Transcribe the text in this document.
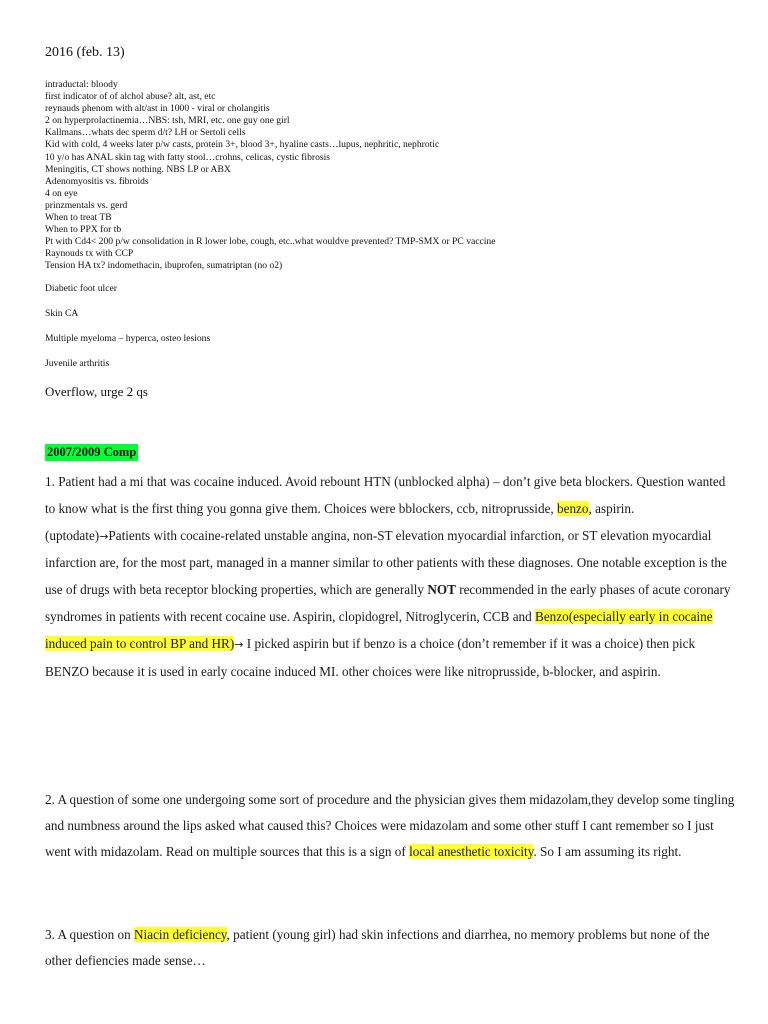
2016 (feb. 13)
intraductal: bloody
first indicator of of alchol abuse? alt, ast, etc
reynauds phenom with alt/ast in 1000 - viral or cholangitis
2 on hyperprolactinemia…NBS: tsh, MRI, etc. one guy one girl
Kallmans…whats dec sperm d/t? LH or Sertoli cells
Kid with cold, 4 weeks later p/w casts, protein 3+, blood 3+, hyaline casts…lupus, nephritic, nephrotic
10 y/o has ANAL skin tag with fatty stool…crohns, celicas, cystic fibrosis
Meningitis, CT shows nothing. NBS LP or ABX
Adenomyositis vs. fibroids
4 on eye
prinzmentals vs. gerd
When to treat TB
When to PPX for tb
Pt with Cd4< 200 p/w consolidation in R lower lobe, cough, etc..what wouldve prevented? TMP-SMX or PC vaccine
Raynouds tx with CCP
Tension HA tx? indomethacin, ibuprofen, sumatriptan (no o2)
Diabetic foot ulcer
Skin CA
Multiple myeloma – hyperca, osteo lesions
Juvenile arthritis
Overflow, urge 2 qs
2007/2009 Comp
1. Patient had a mi that was cocaine induced. Avoid rebount HTN (unblocked alpha) – don’t give beta blockers. Question wanted to know what is the first thing you gonna give them. Choices were bblockers, ccb, nitroprusside, benzo, aspirin. (uptodate)→Patients with cocaine-related unstable angina, non-ST elevation myocardial infarction, or ST elevation myocardial infarction are, for the most part, managed in a manner similar to other patients with these diagnoses. One notable exception is the use of drugs with beta receptor blocking properties, which are generally NOT recommended in the early phases of acute coronary syndromes in patients with recent cocaine use. Aspirin, clopidogrel, Nitroglycerin, CCB and Benzo(especially early in cocaine induced pain to control BP and HR)→ I picked aspirin but if benzo is a choice (don’t remember if it was a choice) then pick BENZO because it is used in early cocaine induced MI. other choices were like nitroprusside, b-blocker, and aspirin.
2. A question of some one undergoing some sort of procedure and the physician gives them midazolam,they develop some tingling and numbness around the lips asked what caused this? Choices were midazolam and some other stuff I cant remember so I just went with midazolam. Read on multiple sources that this is a sign of local anesthetic toxicity. So I am assuming its right.
3. A question on Niacin deficiency, patient (young girl) had skin infections and diarrhea, no memory problems but none of the other defiencies made sense…
